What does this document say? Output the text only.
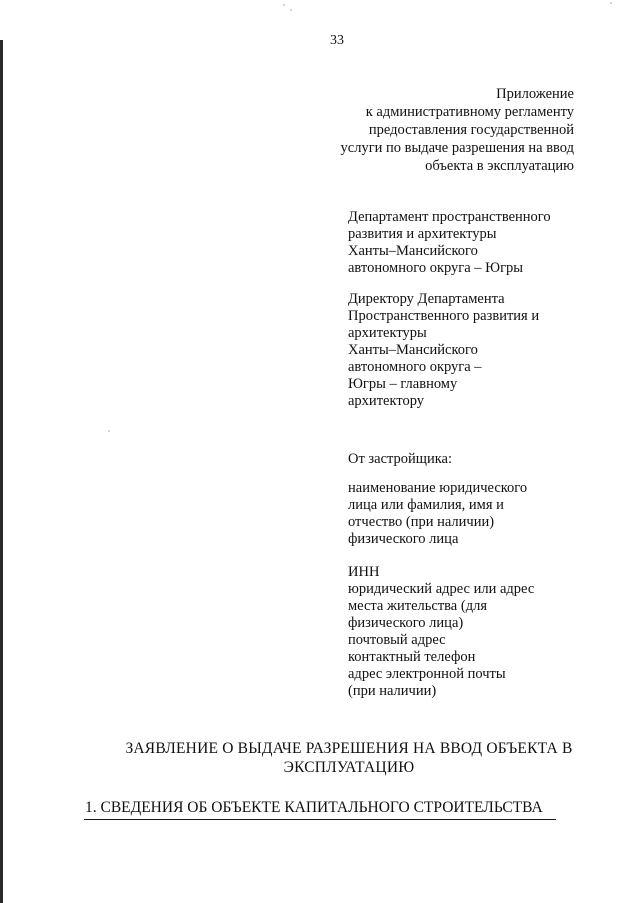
33
Приложение
к административному регламенту
предоставления государственной
услуги по выдаче разрешения на ввод
объекта в эксплуатацию
Департамент пространственного
развития и архитектуры
Ханты–Мансийского
автономного округа – Югры
Директору Департамента
Пространственного развития и
архитектуры
Ханты–Мансийского
автономного округа –
Югры – главному
архитектору
От застройщика:
наименование юридического
лица или фамилия, имя и
отчество (при наличии)
физического лица
ИНН
юридический адрес или адрес
места жительства (для
физического лица)
почтовый адрес
контактный телефон
адрес электронной почты
(при наличии)
ЗАЯВЛЕНИЕ О ВЫДАЧЕ РАЗРЕШЕНИЯ НА ВВОД ОБЪЕКТА В
ЭКСПЛУАТАЦИЮ
1. СВЕДЕНИЯ ОБ ОБЪЕКТЕ КАПИТАЛЬНОГО СТРОИТЕЛЬСТВА
